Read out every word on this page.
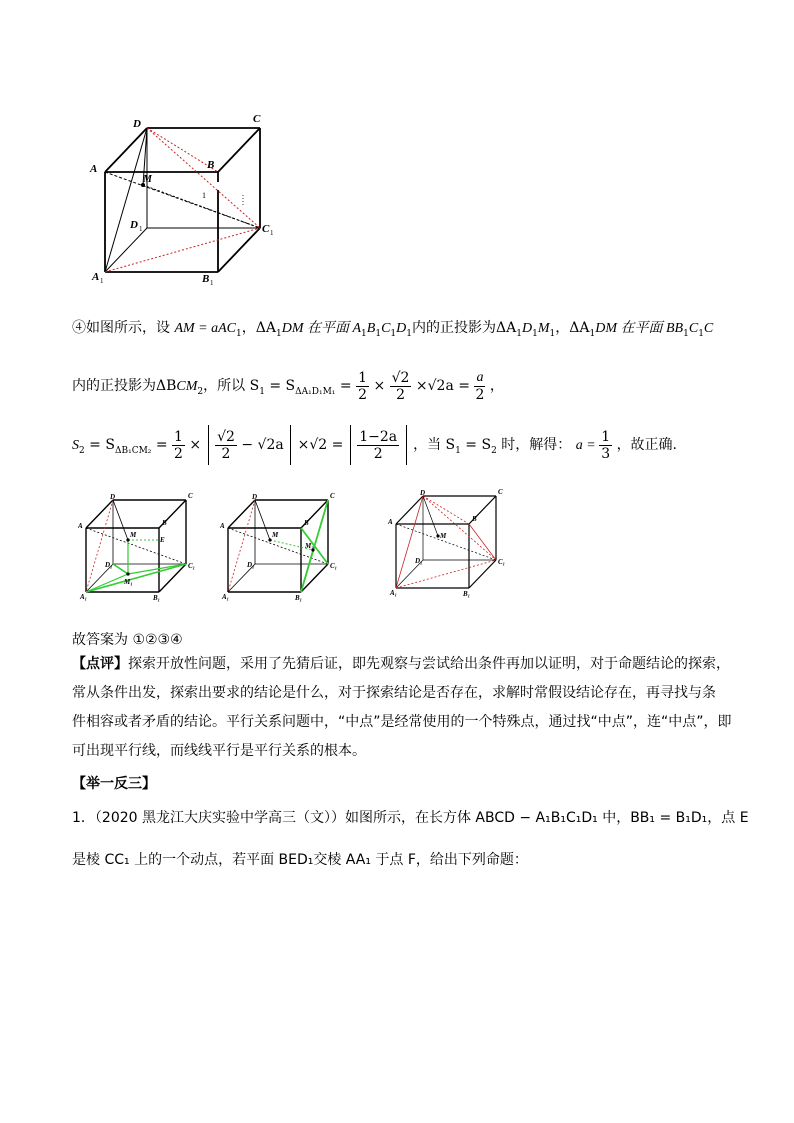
D	C
A	B
M
1
D 1	C 1
A 1	B 1
④如图所示，设 AM = aAC$_1$，$\Delta A_1DM$ 在平面 $A_1B_1C_1D_1$内的正投影为$\Delta A_1D_1M_1$，$\Delta A_1DM$ 在平面 $BB_1C_1C$
内的正投影为$\Delta BCM_2$，所以 $S_1 = S_{\Delta A_1D_1M_1} = \frac{1}{2} \times \frac{√2}{2} \times√2a = \frac{a}{2}$ ，
$S_2 = S_{\Delta B_1CM_2} = \frac{1}{2} \times \frac{√2}{2} - √2a \times√2 = \frac{1-2a}{2}$ ，当 $S_1 = S_2$ 时，解得： $a = \frac{1}{3}$ ，故正确.
D	C
A	B
M
E
D₁	C₁
A₁	B₁
M₁
D	C
A	B
M
M₂
D₁	C₁
A₁	B₁
D	C
A	B
M
D₁	C₁
A₁	B₁
故答案为 ①②③④
【点评】探索开放性问题，采用了先猜后证，即先观察与尝试给出条件再加以证明，对于命题结论的探索，
常从条件出发，探索出要求的结论是什么，对于探索结论是否存在，求解时常假设结论存在，再寻找与条
件相容或者矛盾的结论。平行关系问题中，“中点”是经常使用的一个特殊点，通过找“中点”，连“中点”，即
可出现平行线，而线线平行是平行关系的根本。
【举一反三】
1．（2020 黑龙江大庆实验中学高三（文））如图所示，在长方体 ABCD − A₁B₁C₁D₁ 中，BB₁ = B₁D₁，点 E
是棱 CC₁ 上的一个动点，若平面 BED₁交棱 AA₁ 于点 F，给出下列命题：
